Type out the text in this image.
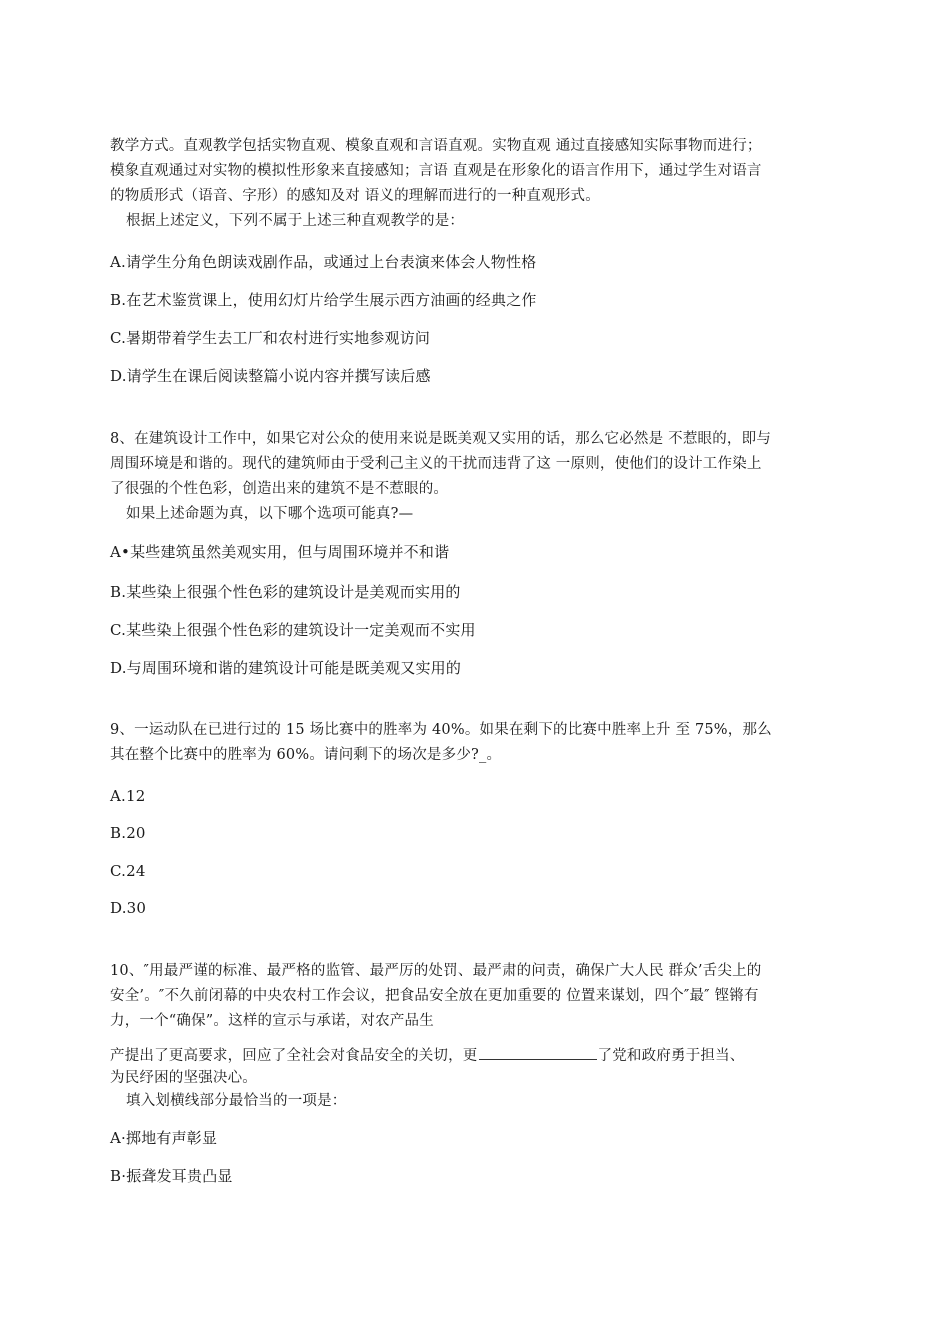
教学方式。直观教学包括实物直观、模象直观和言语直观。实物直观 通过直接感知实际事物而进行；

模象直观通过对实物的模拟性形象来直接感知；言语 直观是在形象化的语言作用下，通过学生对语言

的物质形式（语音、字形）的感知及对 语义的理解而进行的一种直观形式。

根据上述定义，下列不属于上述三种直观教学的是：

A.请学生分角色朗读戏剧作品，或通过上台表演来体会人物性格

B.在艺术鉴赏课上，使用幻灯片给学生展示西方油画的经典之作

C.暑期带着学生去工厂和农村进行实地参观访问

D.请学生在课后阅读整篇小说内容并撰写读后感

8、在建筑设计工作中，如果它对公众的使用来说是既美观又实用的话，那么它必然是 不惹眼的，即与

周围环境是和谐的。现代的建筑师由于受利己主义的干扰而违背了这 一原则，使他们的设计工作染上

了很强的个性色彩，创造出来的建筑不是不惹眼的。

如果上述命题为真，以下哪个选项可能真?—

A•某些建筑虽然美观实用，但与周围环境并不和谐

B.某些染上很强个性色彩的建筑设计是美观而实用的

C.某些染上很强个性色彩的建筑设计一定美观而不实用

D.与周围环境和谐的建筑设计可能是既美观又实用的

9、一运动队在已进行过的 15 场比赛中的胜率为 40%。如果在剩下的比赛中胜率上升 至 75%，那么

其在整个比赛中的胜率为 60%。请问剩下的场次是多少?_。

A.12

B.20

C.24

D.30

10、″用最严谨的标准、最严格的监管、最严厉的处罚、最严肃的问责，确保广大人民 群众’舌尖上的

安全’。″不久前闭幕的中央农村工作会议，把食品安全放在更加重要的 位置来谋划，四个″最″ 铿锵有

力，一个“确保”。这样的宣示与承诺，对农产品生

产提出了更高要求，回应了全社会对食品安全的关切，更	了党和政府勇于担当、

为民纾困的坚强决心。

填入划横线部分最恰当的一项是：

A·掷地有声彰显

B·振聋发耳贵凸显
